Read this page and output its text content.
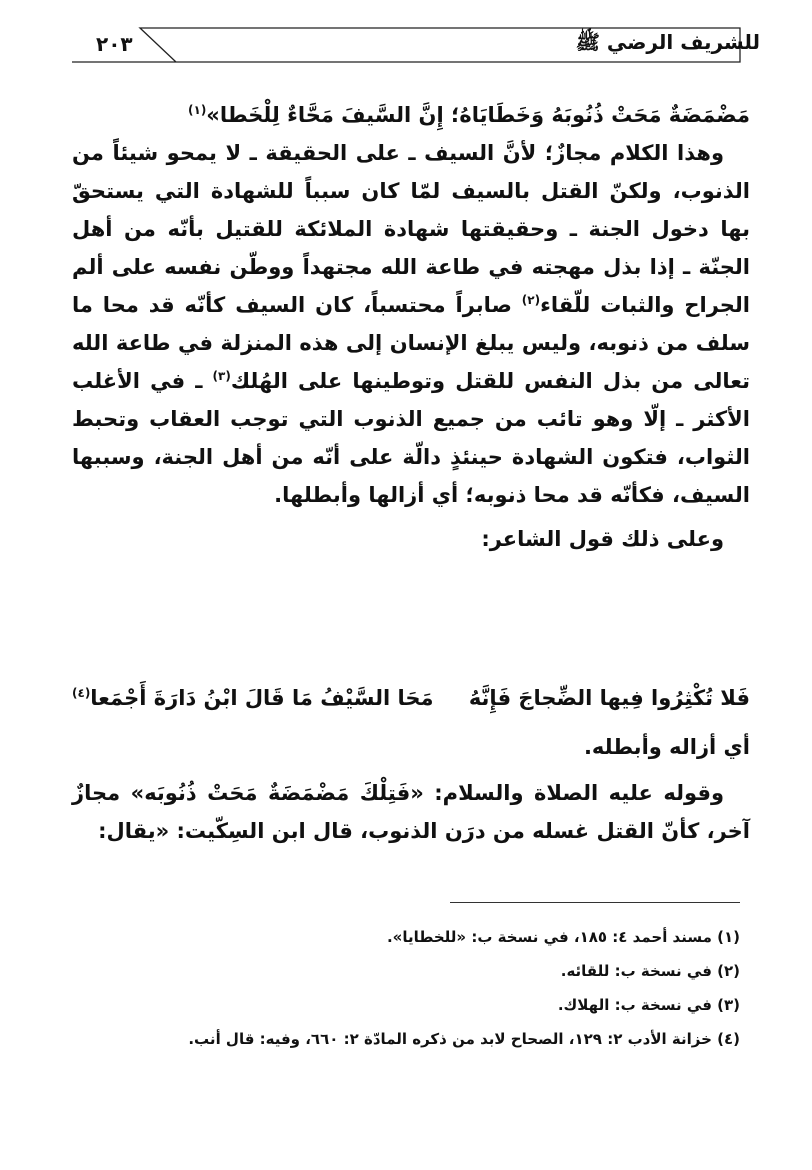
للشريف الرضي ﷺ
٢٠٣

مَضْمَضَةٌ مَحَتْ ذُنُوبَهُ وَخَطَايَاهُ؛ إِنَّ السَّيفَ مَحَّاءٌ لِلْخَطا»$^{(١)}$

وهذا الكلام مجازٌ؛ لأنَّ السيف ـ على الحقيقة ـ لا يمحو شيئاً من الذنوب، ولكنّ القتل بالسيف لمّا كان سبباً للشهادة التي يستحقّ بها دخول الجنة ـ وحقيقتها شهادة الملائكة للقتيل بأنّه من أهل الجنّة ـ إذا بذل مهجته في طاعة الله مجتهداً ووطّن نفسه على ألم الجراح والثبات للّقاء$^{(٢)}$ صابراً محتسباً، كان السيف كأنّه قد محا ما سلف من ذنوبه، وليس يبلغ الإنسان إلى هذه المنزلة في طاعة الله تعالى من بذل النفس للقتل وتوطينها على الهُلك$^{(٣)}$ ـ في الأغلب الأكثر ـ إلّا وهو تائب من جميع الذنوب التي توجب العقاب وتحبط الثواب، فتكون الشهادة حينئذٍ دالّة على أنّه من أهل الجنة، وسببها السيف، فكأنّه قد محا ذنوبه؛ أي أزالها وأبطلها.

وعلى ذلك قول الشاعر:

فَلا تُكْثِرُوا فِيها الضِّجاجَ فَإِنَّهُ
مَحَا السَّيْفُ مَا قَالَ ابْنُ دَارَةَ أَجْمَعا$^{(٤)}$

أي أزاله وأبطله.

وقوله عليه الصلاة والسلام: «فَتِلْكَ مَضْمَضَةٌ مَحَتْ ذُنُوبَه» مجازٌ آخر، كأنّ القتل غسله من درَن الذنوب، قال ابن السِكّيت: «يقال:

(١) مسند أحمد ٤: ١٨٥، في نسخة ب: «للخطايا».

(٢) في نسخة ب: للقائه.

(٣) في نسخة ب: الهلاك.

(٤) خزانة الأدب ٢: ١٢٩، الصحاح لابد من ذكره المادّة ٢: ٦٦٠، وفيه: قال أنب.
